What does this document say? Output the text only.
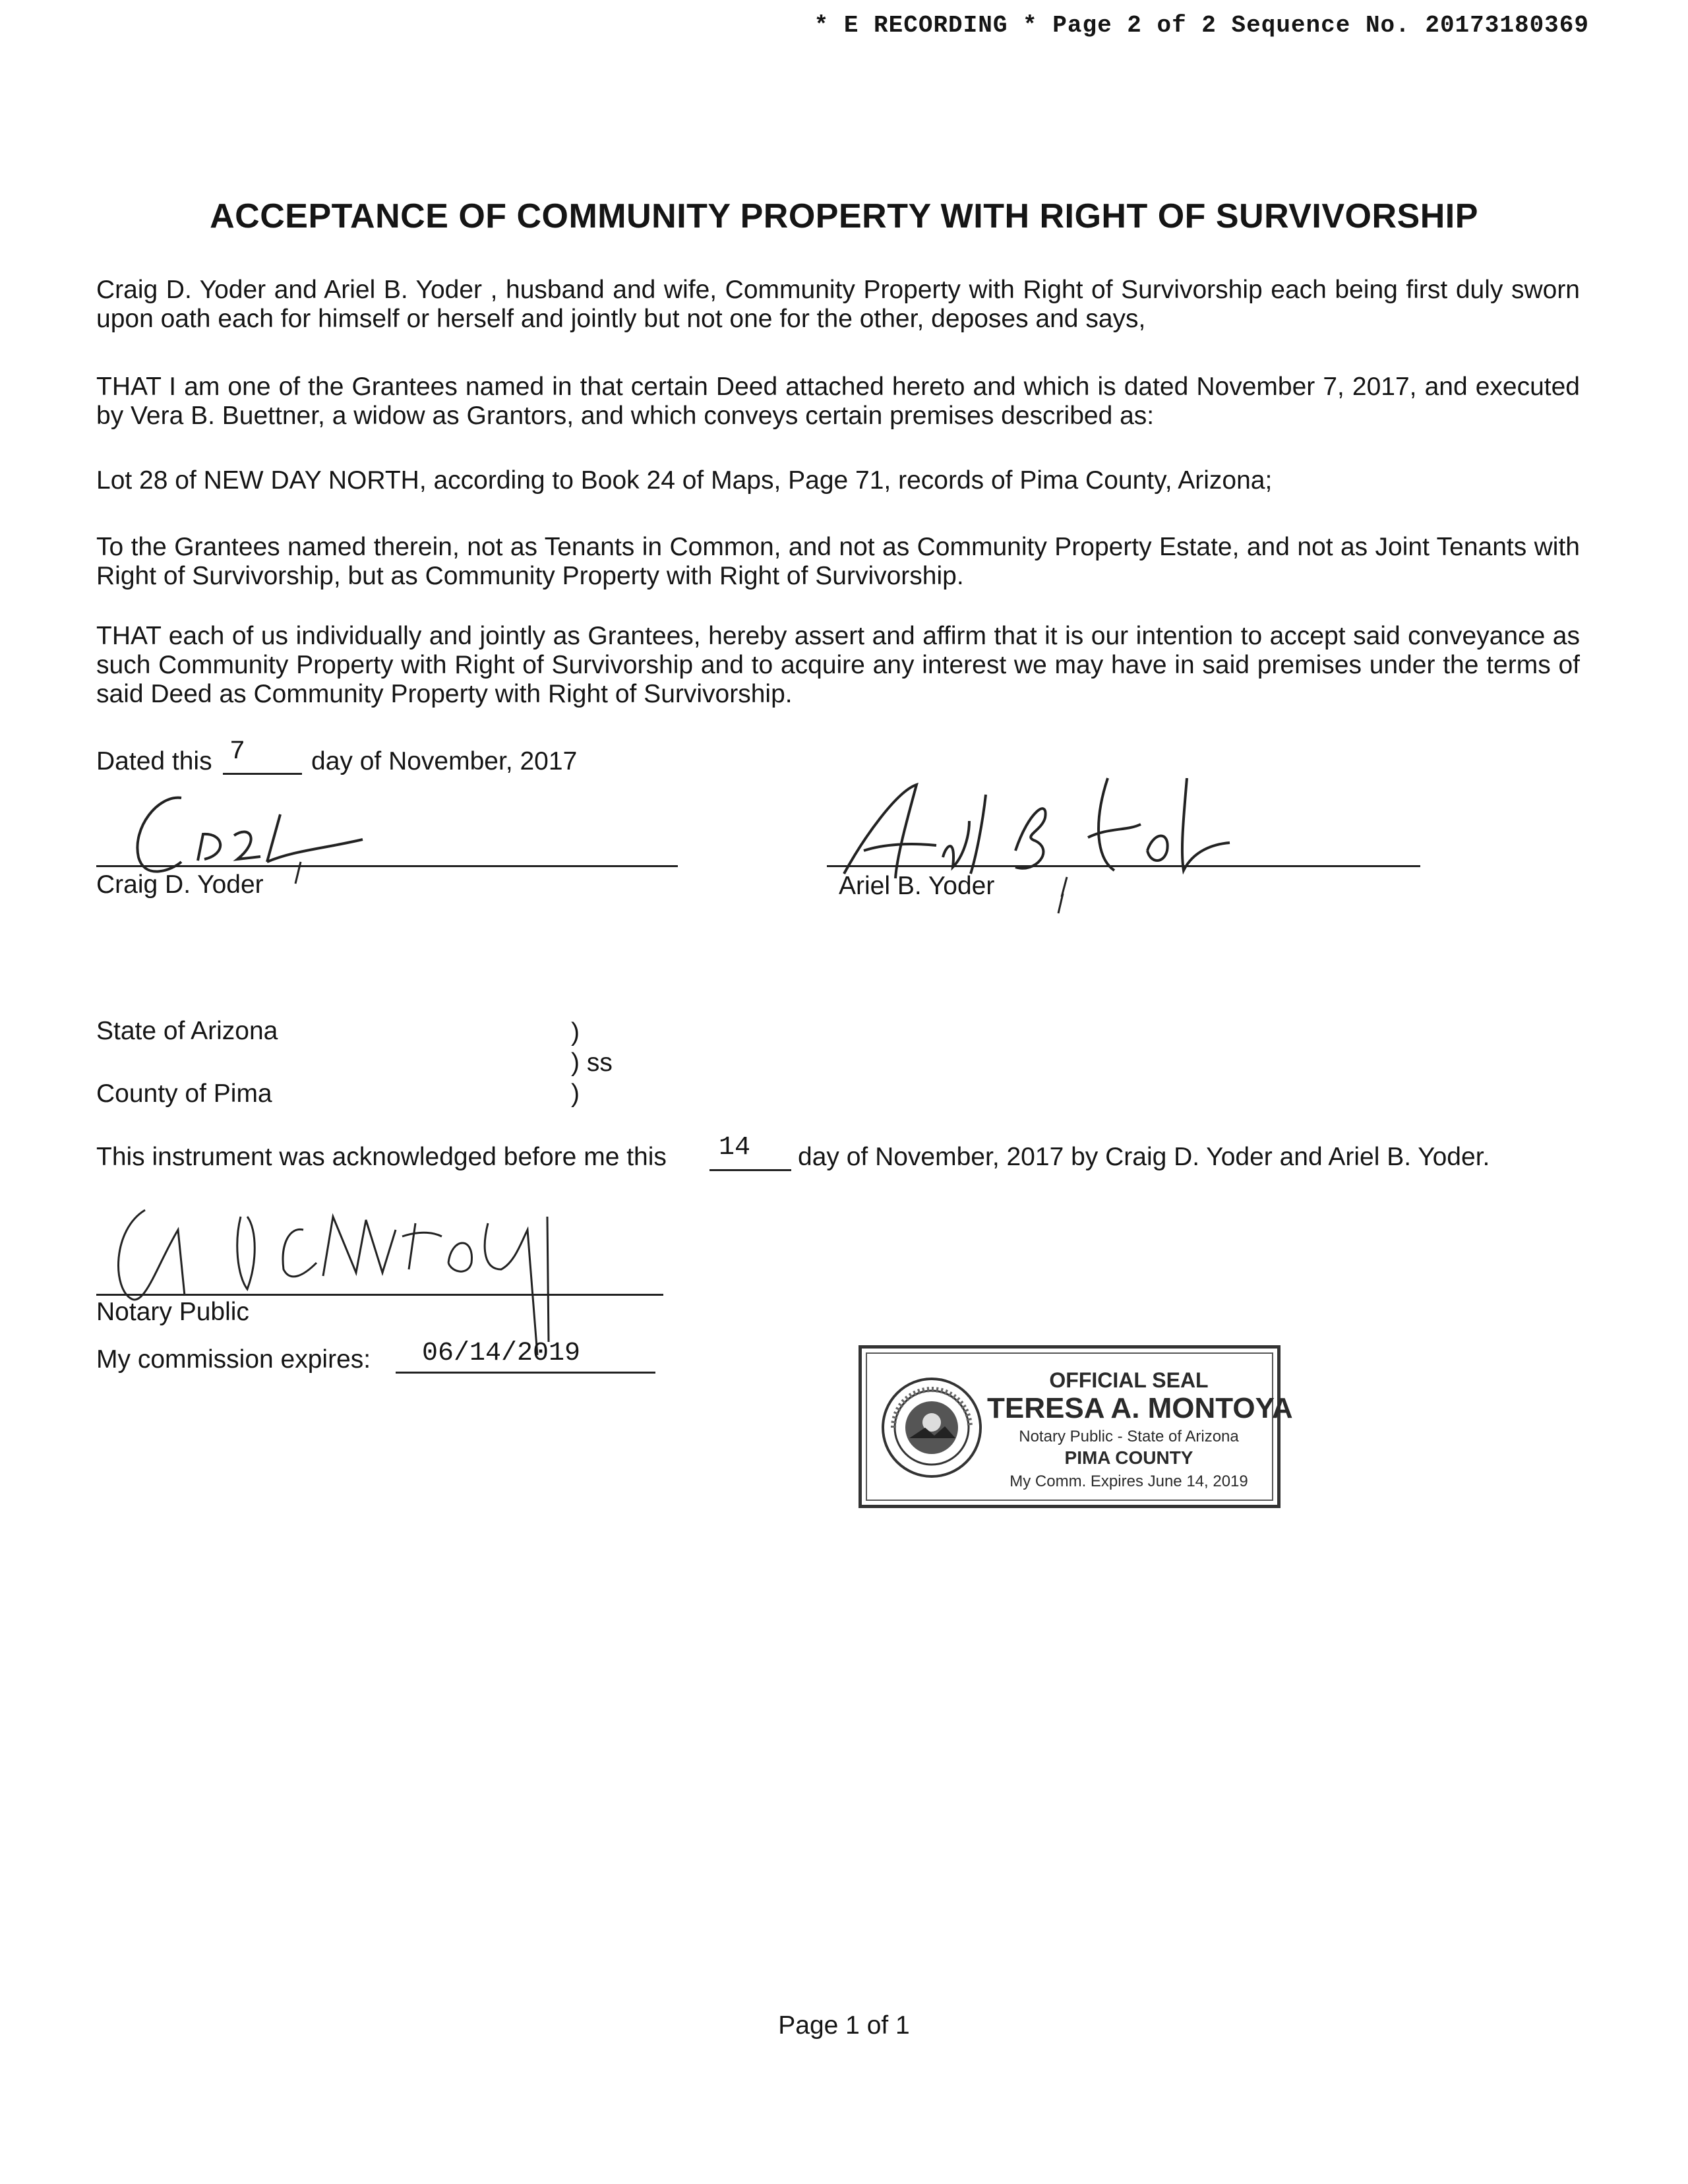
* E RECORDING * Page 2 of 2 Sequence No. 20173180369
ACCEPTANCE OF COMMUNITY PROPERTY WITH RIGHT OF SURVIVORSHIP
Craig D. Yoder and Ariel B. Yoder , husband and wife, Community Property with Right of Survivorship each being first duly sworn upon oath each for himself or herself and jointly but not one for the other, deposes and says,
THAT I am one of the Grantees named in that certain Deed attached hereto and which is dated November 7, 2017, and executed by Vera B. Buettner, a widow as Grantors, and which conveys certain premises described as:
Lot 28 of NEW DAY NORTH, according to Book 24 of Maps, Page 71, records of Pima County, Arizona;
To the Grantees named therein, not as Tenants in Common, and not as Community Property Estate, and not as Joint Tenants with Right of Survivorship, but as Community Property with Right of Survivorship.
THAT each of us individually and jointly as Grantees, hereby assert and affirm that it is our intention to accept said conveyance as such Community Property with Right of Survivorship and to acquire any interest we may have in said premises under the terms of said Deed as Community Property with Right of Survivorship.
Dated this 7	day of November, 2017
Craig D. Yoder	Ariel B. Yoder
State of Arizona	)
) ss
County of Pima	)
This instrument was acknowledged before me this 14 day of November, 2017 by Craig D. Yoder and Ariel B. Yoder.
Notary Public
My commission expires: 06/14/2019
OFFICIAL SEAL
TERESA A. MONTOYA
Notary Public - State of Arizona
PIMA COUNTY
My Comm. Expires June 14, 2019
Page 1 of 1
